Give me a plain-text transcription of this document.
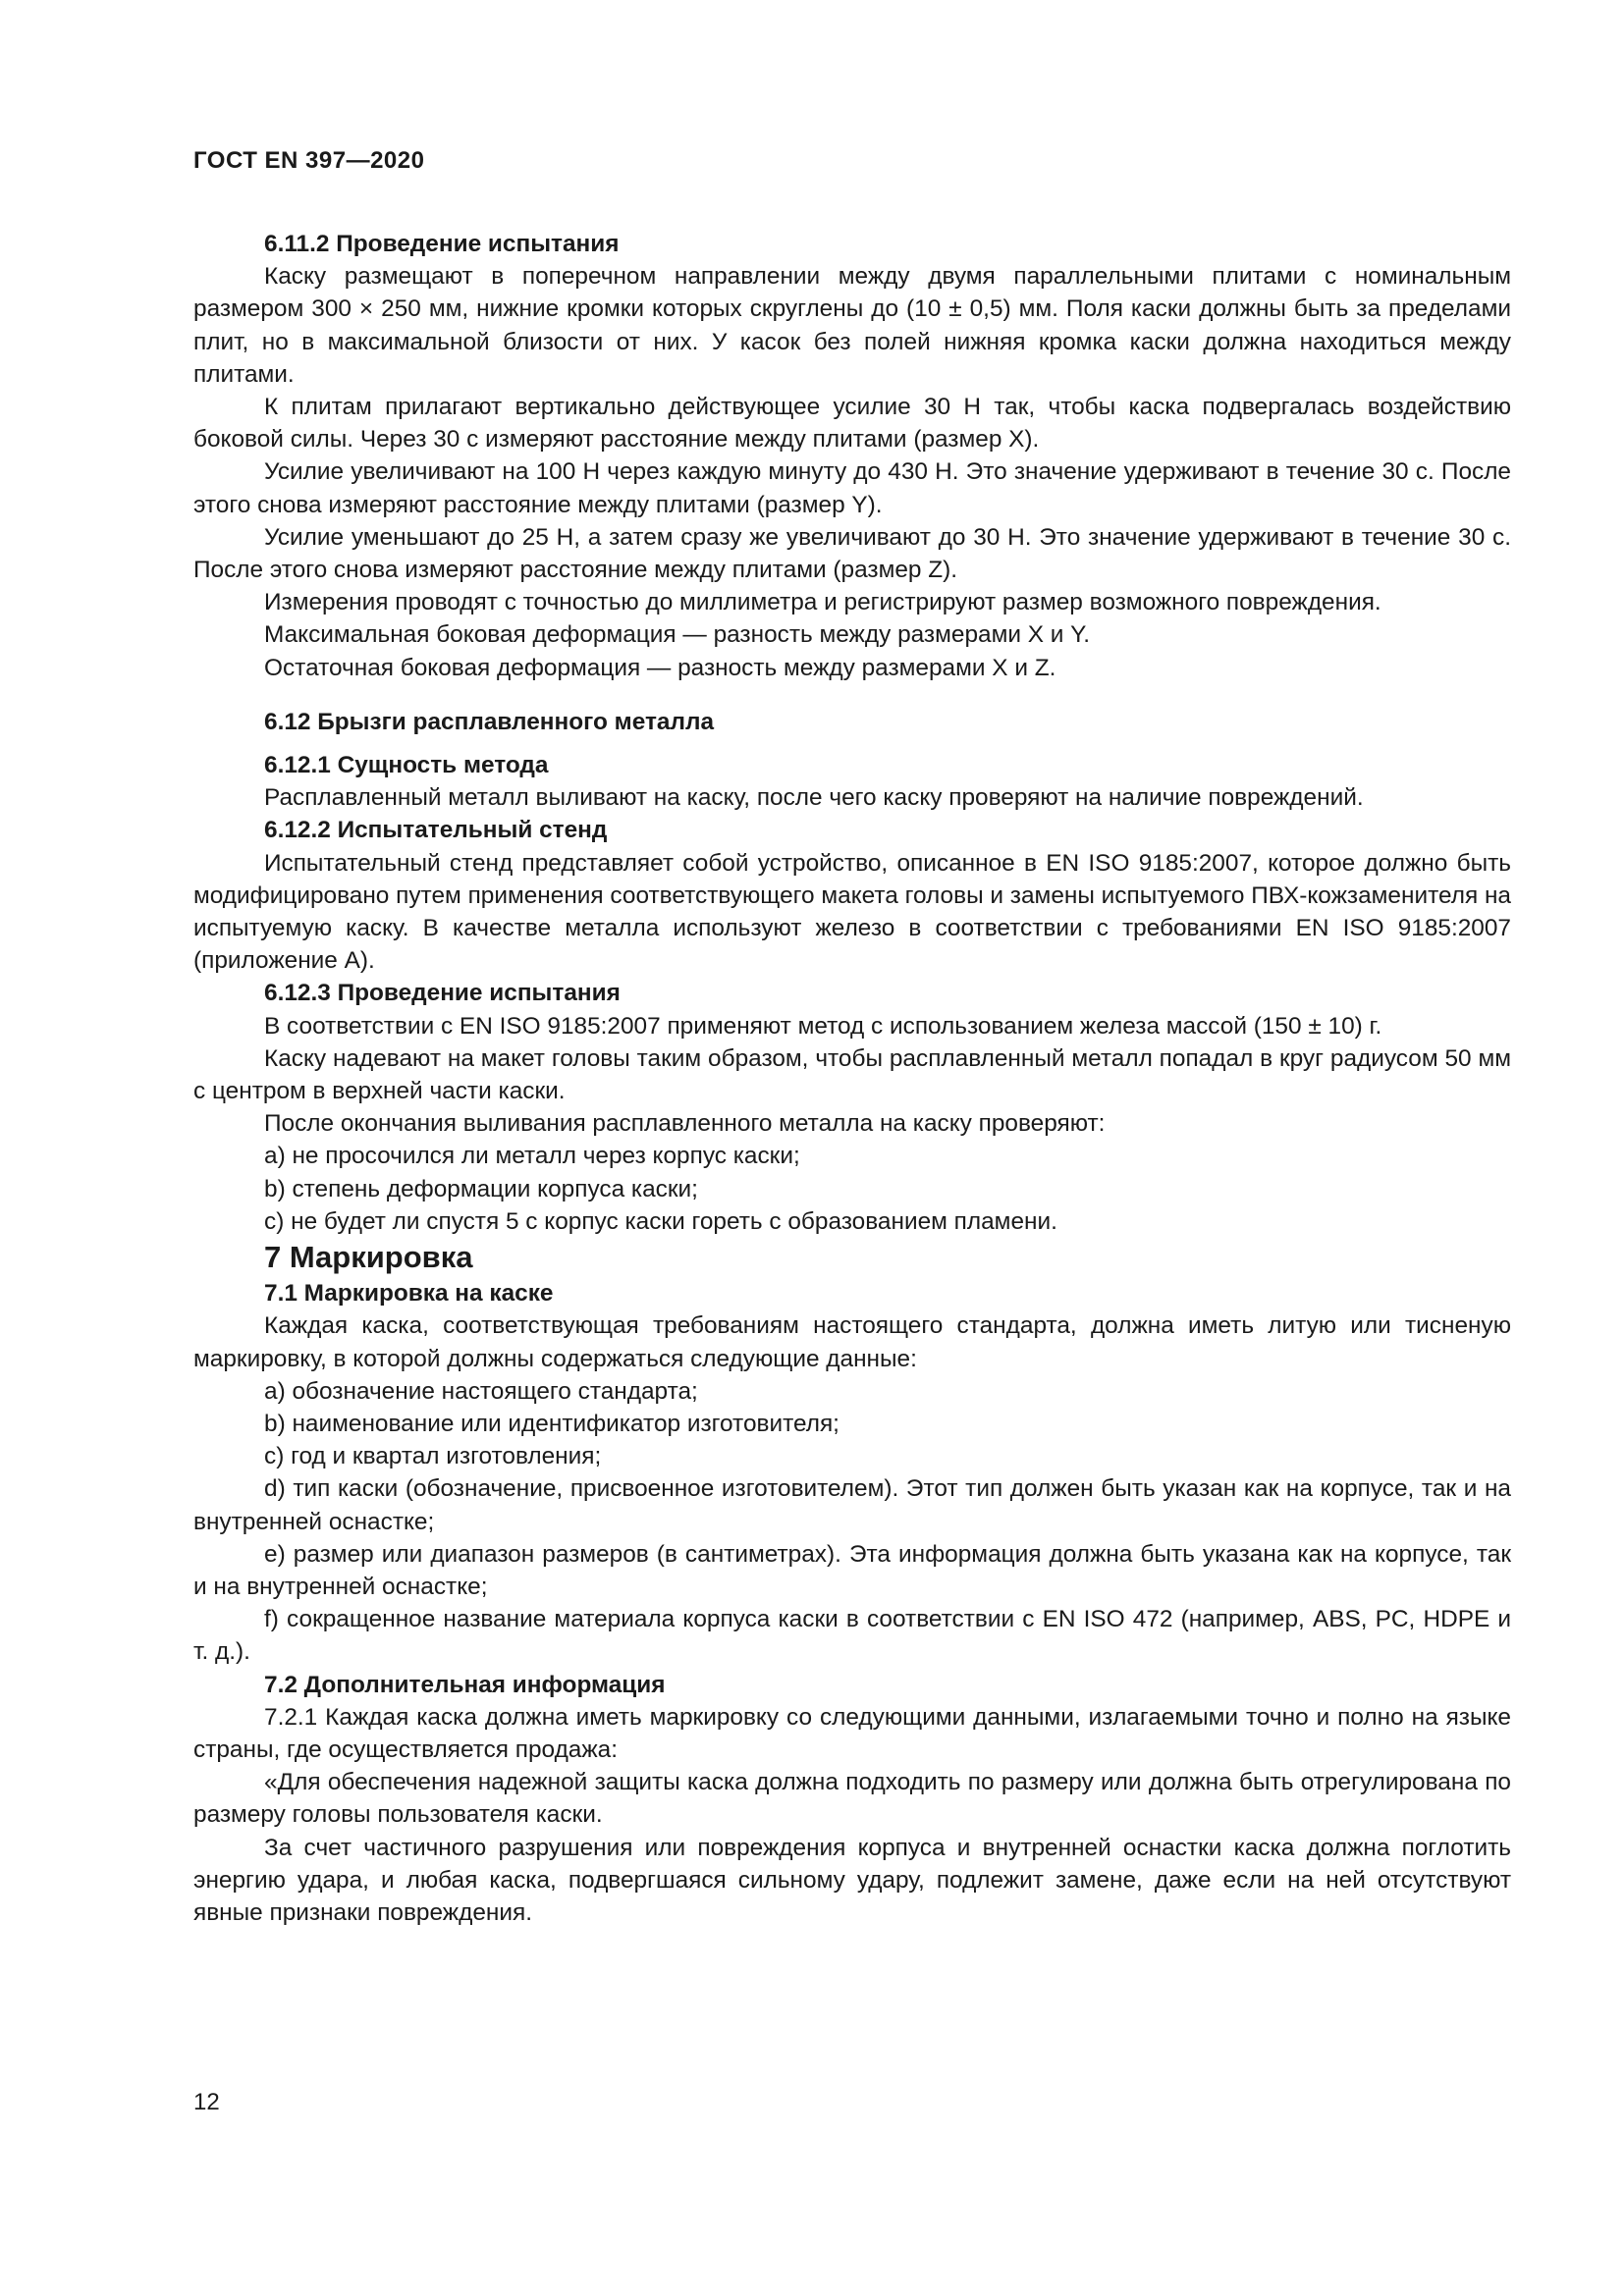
ГОСТ EN 397—2020

6.11.2 Проведение испытания

Каску размещают в поперечном направлении между двумя параллельными плитами с номинальным размером 300 × 250 мм, нижние кромки которых скруглены до (10 ± 0,5) мм. Поля каски должны быть за пределами плит, но в максимальной близости от них. У касок без полей нижняя кромка каски должна находиться между плитами.

К плитам прилагают вертикально действующее усилие 30 Н так, чтобы каска подвергалась воздействию боковой силы. Через 30 с измеряют расстояние между плитами (размер X).

Усилие увеличивают на 100 Н через каждую минуту до 430 Н. Это значение удерживают в течение 30 с. После этого снова измеряют расстояние между плитами (размер Y).

Усилие уменьшают до 25 Н, а затем сразу же увеличивают до 30 Н. Это значение удерживают в течение 30 с. После этого снова измеряют расстояние между плитами (размер Z).

Измерения проводят с точностью до миллиметра и регистрируют размер возможного повреждения.

Максимальная боковая деформация — разность между размерами X и Y.

Остаточная боковая деформация — разность между размерами X и Z.

6.12 Брызги расплавленного металла

6.12.1 Сущность метода

Расплавленный металл выливают на каску, после чего каску проверяют на наличие повреждений.

6.12.2 Испытательный стенд

Испытательный стенд представляет собой устройство, описанное в EN ISO 9185:2007, которое должно быть модифицировано путем применения соответствующего макета головы и замены испытуемого ПВХ-кожзаменителя на испытуемую каску. В качестве металла используют железо в соответствии с требованиями EN ISO 9185:2007 (приложение А).

6.12.3 Проведение испытания

В соответствии с EN ISO 9185:2007 применяют метод с использованием железа массой (150 ± 10) г.

Каску надевают на макет головы таким образом, чтобы расплавленный металл попадал в круг радиусом 50 мм с центром в верхней части каски.

После окончания выливания расплавленного металла на каску проверяют:

a) не просочился ли металл через корпус каски;

b) степень деформации корпуса каски;

c) не будет ли спустя 5 с корпус каски гореть с образованием пламени.

7 Маркировка

7.1 Маркировка на каске

Каждая каска, соответствующая требованиям настоящего стандарта, должна иметь литую или тисненую маркировку, в которой должны содержаться следующие данные:

a) обозначение настоящего стандарта;

b) наименование или идентификатор изготовителя;

c) год и квартал изготовления;

d) тип каски (обозначение, присвоенное изготовителем). Этот тип должен быть указан как на корпусе, так и на внутренней оснастке;

e) размер или диапазон размеров (в сантиметрах). Эта информация должна быть указана как на корпусе, так и на внутренней оснастке;

f) сокращенное название материала корпуса каски в соответствии с EN ISO 472 (например, ABS, PC, HDPE и т. д.).

7.2 Дополнительная информация

7.2.1 Каждая каска должна иметь маркировку со следующими данными, излагаемыми точно и полно на языке страны, где осуществляется продажа:

«Для обеспечения надежной защиты каска должна подходить по размеру или должна быть отрегулирована по размеру головы пользователя каски.

За счет частичного разрушения или повреждения корпуса и внутренней оснастки каска должна поглотить энергию удара, и любая каска, подвергшаяся сильному удару, подлежит замене, даже если на ней отсутствуют явные признаки повреждения.

12
